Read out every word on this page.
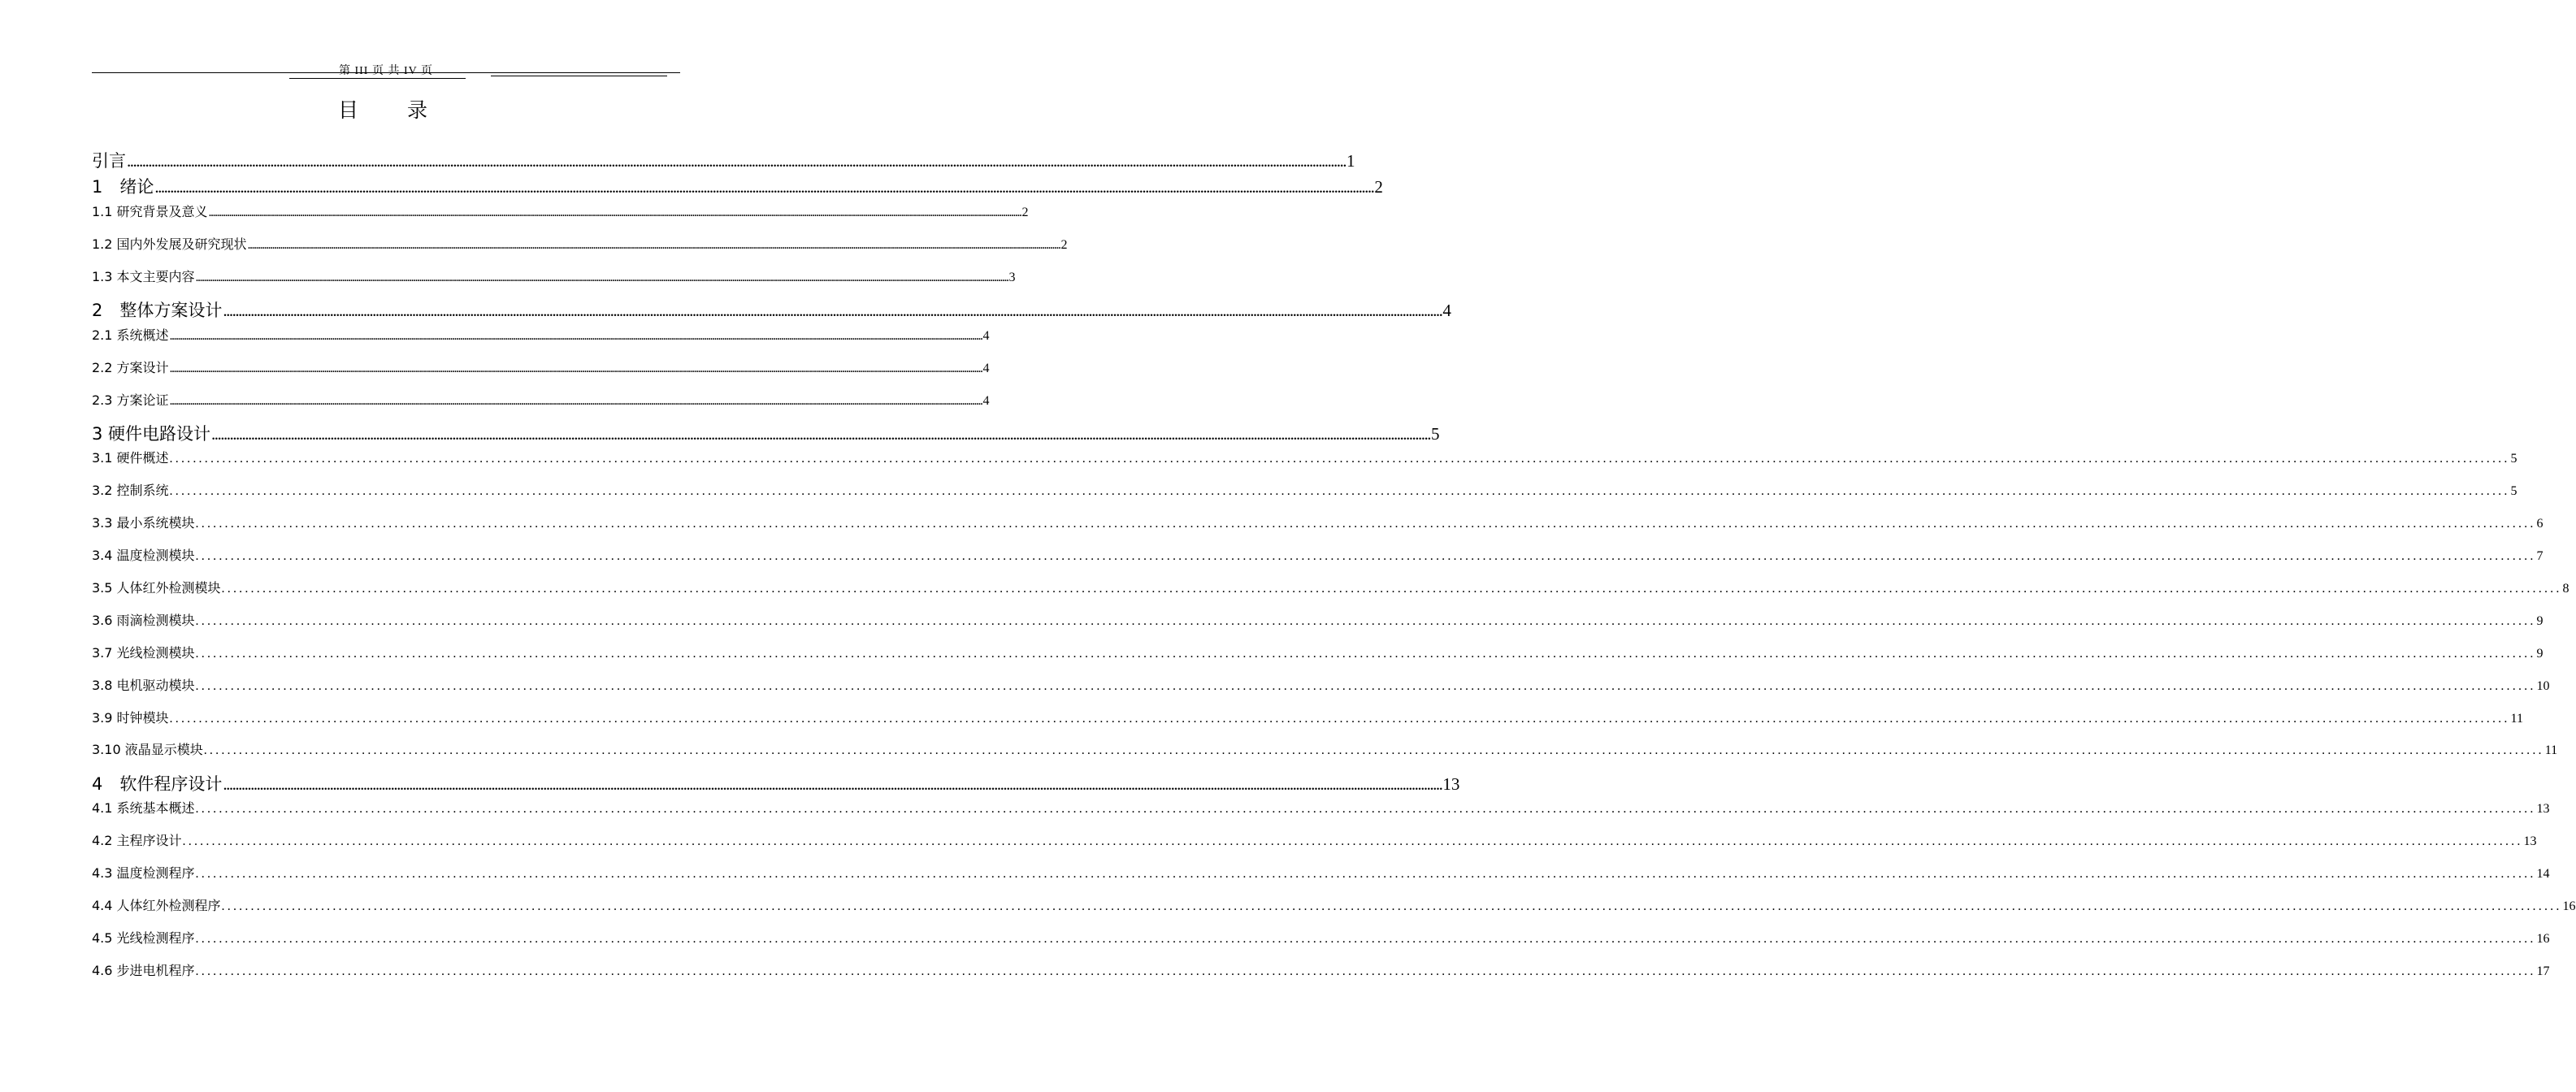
第 III 页 共 IV 页
目 录
引言 ................................................................................................................................................................................................................................................................................................................................................................................................................ 1
1　绪论 ................................................................................................................................................................................................................................................................................................................................................................................................................ 2
1.1 研究背景及意义 ................................................................................................................................................................................................................................................................................................................................................................................................................ 2
1.2 国内外发展及研究现状 ................................................................................................................................................................................................................................................................................................................................................................................................................ 2
1.3 本文主要内容 ................................................................................................................................................................................................................................................................................................................................................................................................................ 3
2　整体方案设计 ................................................................................................................................................................................................................................................................................................................................................................................................................ 4
2.1 系统概述 ................................................................................................................................................................................................................................................................................................................................................................................................................ 4
2.2 方案设计 ................................................................................................................................................................................................................................................................................................................................................................................................................ 4
2.3 方案论证 ................................................................................................................................................................................................................................................................................................................................................................................................................ 4
3 硬件电路设计 ................................................................................................................................................................................................................................................................................................................................................................................................................ 5
3.1 硬件概述 ................................................................................................................................................................................................................................................................................................................................................................................................................ 5
3.2 控制系统 ................................................................................................................................................................................................................................................................................................................................................................................................................ 5
3.3 最小系统模块 ................................................................................................................................................................................................................................................................................................................................................................................................................ 6
3.4 温度检测模块 ................................................................................................................................................................................................................................................................................................................................................................................................................ 7
3.5 人体红外检测模块 ................................................................................................................................................................................................................................................................................................................................................................................................................ 8
3.6 雨滴检测模块 ................................................................................................................................................................................................................................................................................................................................................................................................................ 9
3.7 光线检测模块 ................................................................................................................................................................................................................................................................................................................................................................................................................ 9
3.8 电机驱动模块 ................................................................................................................................................................................................................................................................................................................................................................................................................ 10
3.9 时钟模块 ................................................................................................................................................................................................................................................................................................................................................................................................................ 11
3.10 液晶显示模块 ................................................................................................................................................................................................................................................................................................................................................................................................................ 11
4　软件程序设计 ................................................................................................................................................................................................................................................................................................................................................................................................................ 13
4.1 系统基本概述 ................................................................................................................................................................................................................................................................................................................................................................................................................ 13
4.2 主程序设计 ................................................................................................................................................................................................................................................................................................................................................................................................................ 13
4.3 温度检测程序 ................................................................................................................................................................................................................................................................................................................................................................................................................ 14
4.4 人体红外检测程序 ................................................................................................................................................................................................................................................................................................................................................................................................................ 16
4.5 光线检测程序 ................................................................................................................................................................................................................................................................................................................................................................................................................ 16
4.6 步进电机程序 ................................................................................................................................................................................................................................................................................................................................................................................................................ 17
